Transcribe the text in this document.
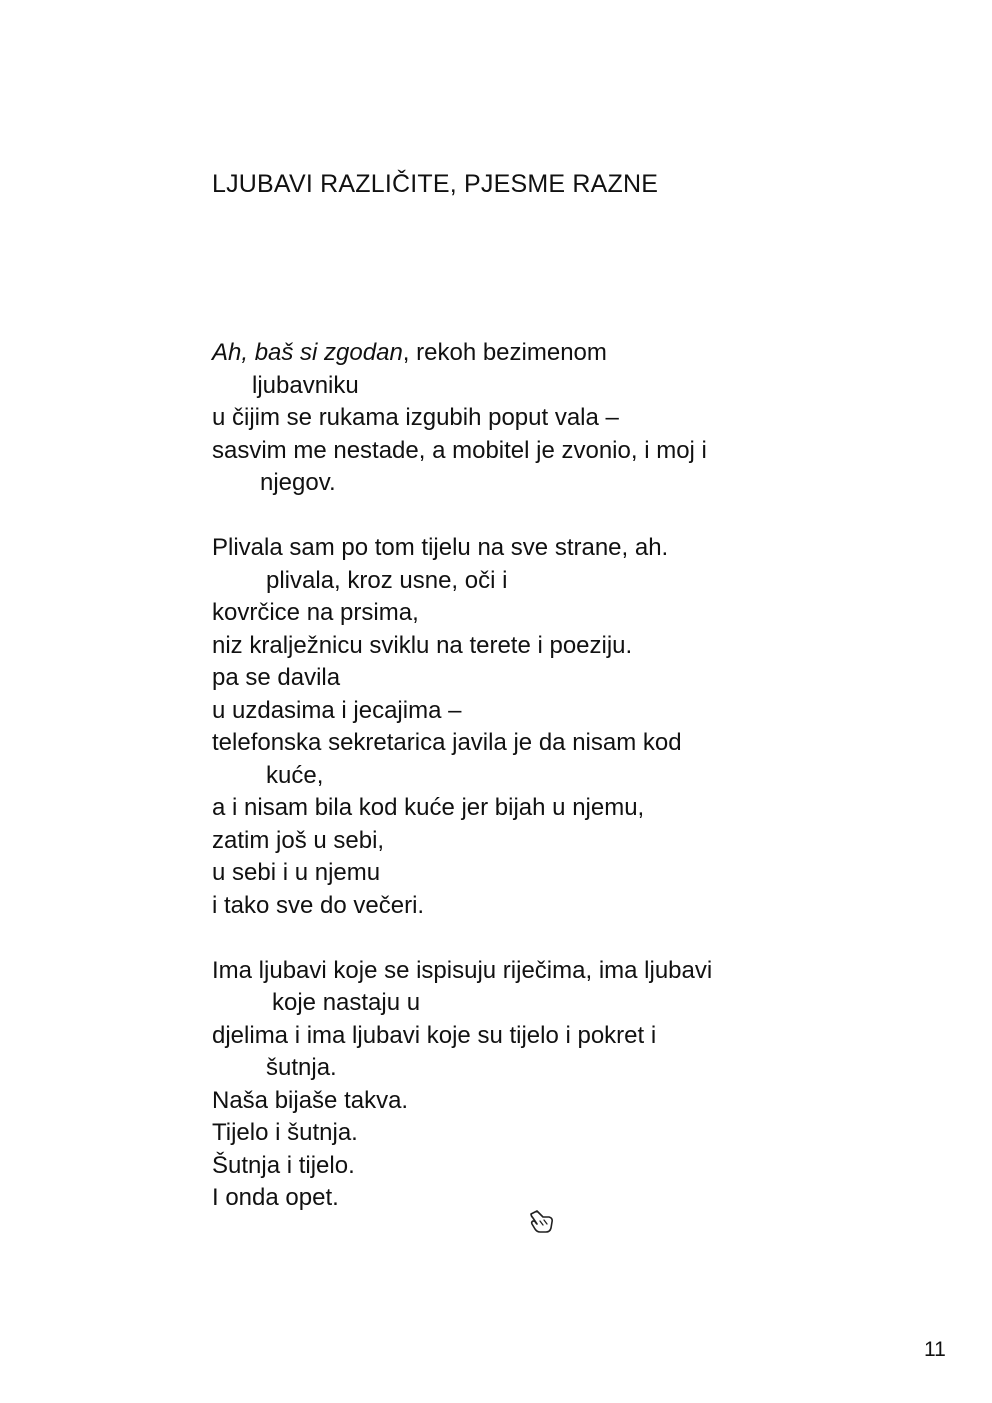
LJUBAVI RAZLIČITE, PJESME RAZNE
Ah, baš si zgodan, rekoh bezimenom
ljubavniku
u čijim se rukama izgubih poput vala –
sasvim me nestade, a mobitel je zvonio, i moj i
njegov.
Plivala sam po tom tijelu na sve strane, ah.
plivala, kroz usne, oči i
kovrčice na prsima,
niz kralježnicu sviklu na terete i poeziju.
pa se davila
u uzdasima i jecajima –
telefonska sekretarica javila je da nisam kod
kuće,
a i nisam bila kod kuće jer bijah u njemu,
zatim još u sebi,
u sebi i u njemu
i tako sve do večeri.
Ima ljubavi koje se ispisuju riječima, ima ljubavi
koje nastaju u
djelima i ima ljubavi koje su tijelo i pokret i
šutnja.
Naša bijaše takva.
Tijelo i šutnja.
Šutnja i tijelo.
I onda opet.
11
